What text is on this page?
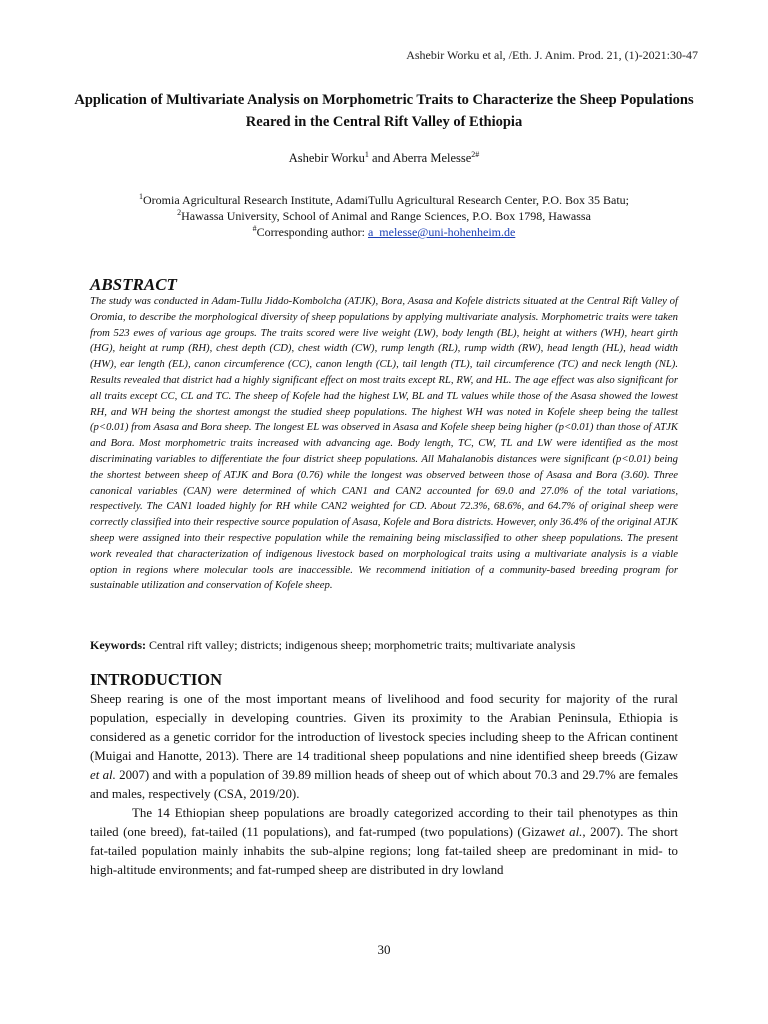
Ashebir Worku et al, /Eth. J. Anim. Prod. 21, (1)-2021:30-47
Application of Multivariate Analysis on Morphometric Traits to Characterize the Sheep Populations Reared in the Central Rift Valley of Ethiopia
Ashebir Worku$^1$ and Aberra Melesse$^{2\#}$
$^1$Oromia Agricultural Research Institute, AdamiTullu Agricultural Research Center, P.O. Box 35 Batu;
$^2$Hawassa University, School of Animal and Range Sciences, P.O. Box 1798, Hawassa
#Corresponding author: a_melesse@uni-hohenheim.de
ABSTRACT
The study was conducted in Adam-Tullu Jiddo-Kombolcha (ATJK), Bora, Asasa and Kofele districts situated at the Central Rift Valley of Oromia, to describe the morphological diversity of sheep populations by applying multivariate analysis. Morphometric traits were taken from 523 ewes of various age groups. The traits scored were live weight (LW), body length (BL), height at withers (WH), heart girth (HG), height at rump (RH), chest depth (CD), chest width (CW), rump length (RL), rump width (RW), head length (HL), head width (HW), ear length (EL), canon circumference (CC), canon length (CL), tail length (TL), tail circumference (TC) and neck length (NL). Results revealed that district had a highly significant effect on most traits except RL, RW, and HL. The age effect was also significant for all traits except CC, CL and TC. The sheep of Kofele had the highest LW, BL and TL values while those of the Asasa showed the lowest RH, and WH being the shortest amongst the studied sheep populations. The highest WH was noted in Kofele sheep being the tallest (p<0.01) from Asasa and Bora sheep. The longest EL was observed in Asasa and Kofele sheep being higher (p<0.01) than those of ATJK and Bora. Most morphometric traits increased with advancing age. Body length, TC, CW, TL and LW were identified as the most discriminating variables to differentiate the four district sheep populations. All Mahalanobis distances were significant (p<0.01) being the shortest between sheep of ATJK and Bora (0.76) while the longest was observed between those of Asasa and Bora (3.60). Three canonical variables (CAN) were determined of which CAN1 and CAN2 accounted for 69.0 and 27.0% of the total variations, respectively. The CAN1 loaded highly for RH while CAN2 weighted for CD. About 72.3%, 68.6%, and 64.7% of original sheep were correctly classified into their respective source population of Asasa, Kofele and Bora districts. However, only 36.4% of the original ATJK sheep were assigned into their respective population while the remaining being misclassified to other sheep populations. The present work revealed that characterization of indigenous livestock based on morphological traits using a multivariate analysis is a viable option in regions where molecular tools are inaccessible. We recommend initiation of a community-based breeding program for sustainable utilization and conservation of Kofele sheep.
Keywords: Central rift valley; districts; indigenous sheep; morphometric traits; multivariate analysis
INTRODUCTION

Sheep rearing is one of the most important means of livelihood and food security for majority of the rural population, especially in developing countries. Given its proximity to the Arabian Peninsula, Ethiopia is considered as a genetic corridor for the introduction of livestock species including sheep to the African continent (Muigai and Hanotte, 2013). There are 14 traditional sheep populations and nine identified sheep breeds (Gizaw et al. 2007) and with a population of 39.89 million heads of sheep out of which about 70.3 and 29.7% are females and males, respectively (CSA, 2019/20).

The 14 Ethiopian sheep populations are broadly categorized according to their tail phenotypes as thin tailed (one breed), fat-tailed (11 populations), and fat-rumped (two populations) (Gizawet al., 2007). The short fat-tailed population mainly inhabits the sub-alpine regions; long fat-tailed sheep are predominant in mid- to high-altitude environments; and fat-rumped sheep are distributed in dry lowland

30
